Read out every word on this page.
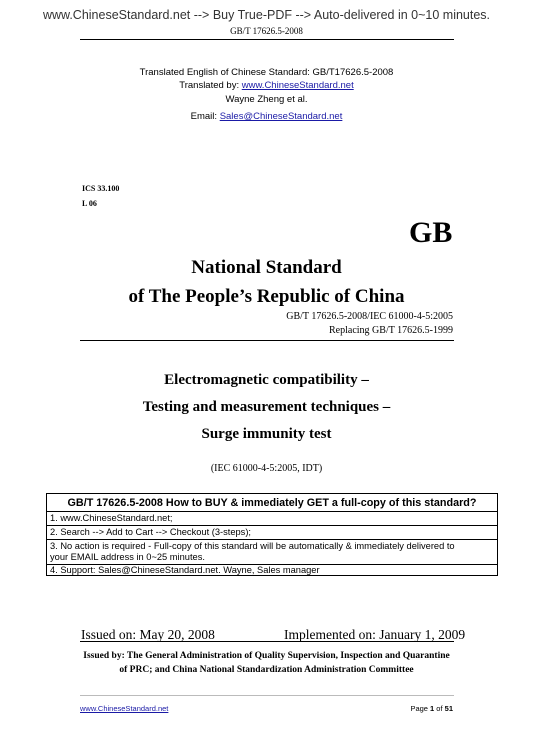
www.ChineseStandard.net --> Buy True-PDF --> Auto-delivered in 0~10 minutes.
GB/T 17626.5-2008
Translated English of Chinese Standard: GB/T17626.5-2008
Translated by: www.ChineseStandard.net
Wayne Zheng et al.
Email: Sales@ChineseStandard.net
ICS 33.100
L 06
GB
National Standard
of The People’s Republic of China
GB/T 17626.5-2008/IEC 61000-4-5:2005
Replacing GB/T 17626.5-1999
Electromagnetic compatibility –
Testing and measurement techniques –
Surge immunity test
(IEC 61000-4-5:2005, IDT)
GB/T 17626.5-2008 How to BUY & immediately GET a full-copy of this standard?
1. www.ChineseStandard.net;
2. Search --> Add to Cart --> Checkout (3-steps);
3. No action is required - Full-copy of this standard will be automatically & immediately delivered to
your EMAIL address in 0~25 minutes.
4. Support: Sales@ChineseStandard.net. Wayne, Sales manager
Issued on: May 20, 2008	Implemented on: January 1, 2009
Issued by: The General Administration of Quality Supervision, Inspection and Quarantine
of PRC; and China National Standardization Administration Committee
www.ChineseStandard.net	Page 1 of 51
